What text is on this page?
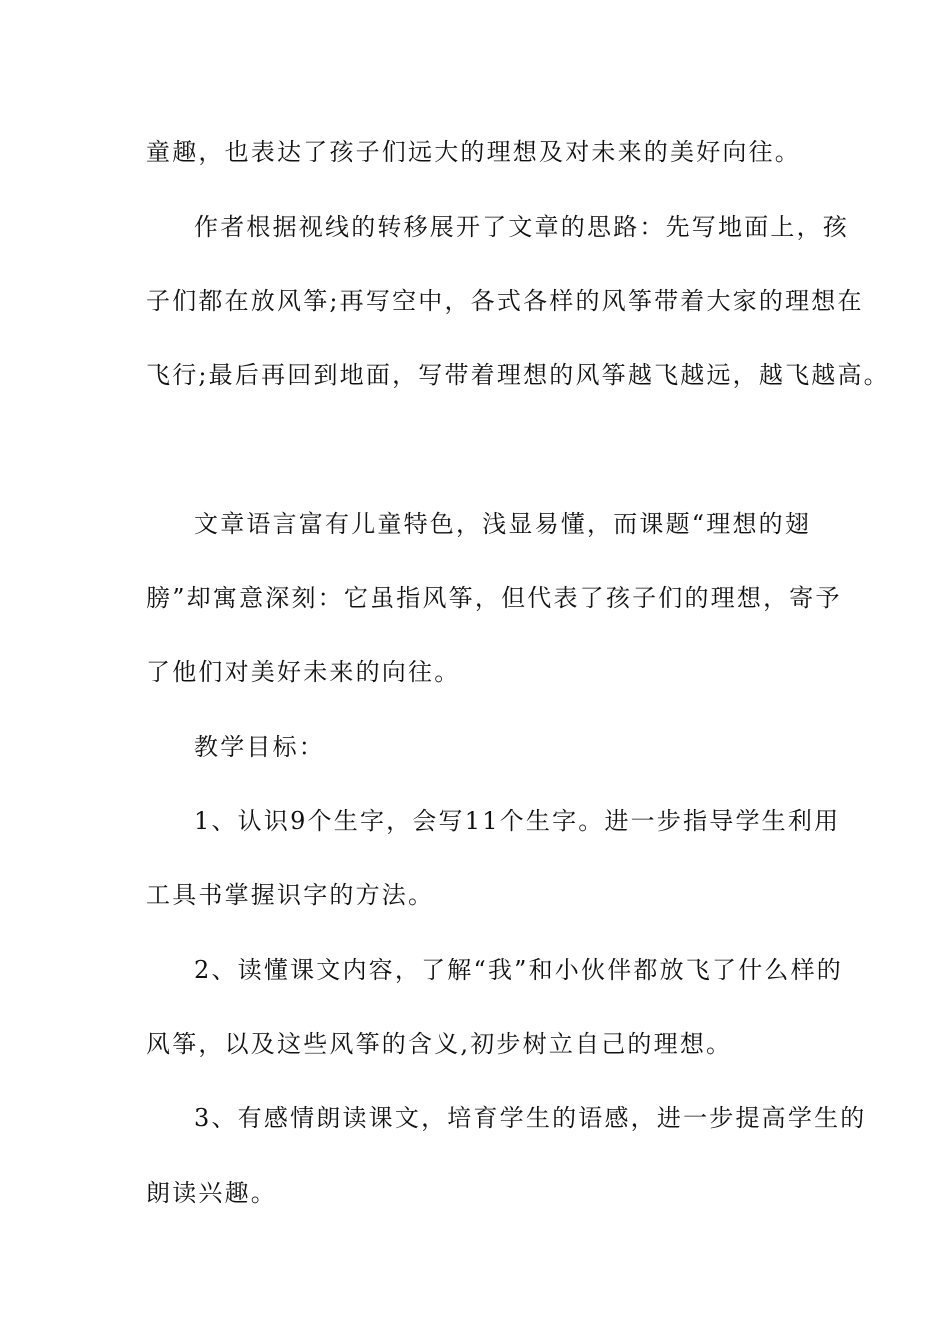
童趣，也表达了孩子们远大的理想及对未来的美好向往。
作者根据视线的转移展开了文章的思路：先写地面上，孩
子们都在放风筝;再写空中，各式各样的风筝带着大家的理想在
飞行;最后再回到地面，写带着理想的风筝越飞越远，越飞越高。
文章语言富有儿童特色，浅显易懂，而课题“理想的翅
膀”却寓意深刻：它虽指风筝，但代表了孩子们的理想，寄予
了他们对美好未来的向往。
教学目标：
1、认识9个生字，会写11个生字。进一步指导学生利用
工具书掌握识字的方法。
2、读懂课文内容，了解“我”和小伙伴都放飞了什么样的
风筝，以及这些风筝的含义,初步树立自己的理想。
3、有感情朗读课文，培育学生的语感，进一步提高学生的
朗读兴趣。
